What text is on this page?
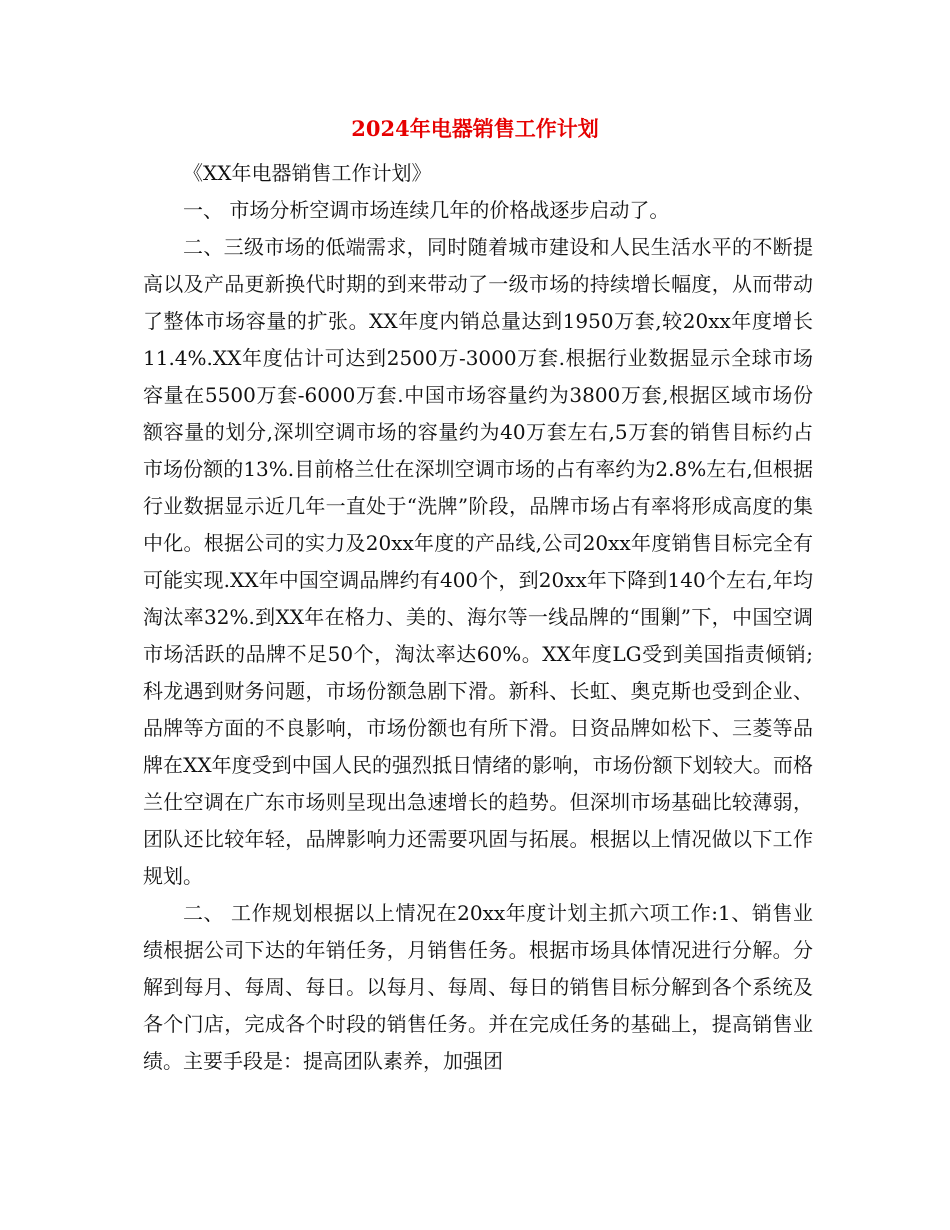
2024年电器销售工作计划

《XX年电器销售工作计划》

一、 市场分析空调市场连续几年的价格战逐步启动了。

二、三级市场的低端需求，同时随着城市建设和人民生活水平的不断提高以及产品更新换代时期的到来带动了一级市场的持续增长幅度，从而带动了整体市场容量的扩张。XX年度内销总量达到1950万套,较20xx年度增长11.4%.XX年度估计可达到2500万-3000万套.根据行业数据显示全球市场容量在5500万套-6000万套.中国市场容量约为3800万套,根据区域市场份额容量的划分,深圳空调市场的容量约为40万套左右,5万套的销售目标约占市场份额的13%.目前格兰仕在深圳空调市场的占有率约为2.8%左右,但根据行业数据显示近几年一直处于“洗牌”阶段，品牌市场占有率将形成高度的集中化。根据公司的实力及20xx年度的产品线,公司20xx年度销售目标完全有可能实现.XX年中国空调品牌约有400个，到20xx年下降到140个左右,年均淘汰率32%.到XX年在格力、美的、海尔等一线品牌的“围剿”下，中国空调市场活跃的品牌不足50个，淘汰率达60%。XX年度LG受到美国指责倾销;科龙遇到财务问题，市场份额急剧下滑。新科、长虹、奥克斯也受到企业、品牌等方面的不良影响，市场份额也有所下滑。日资品牌如松下、三菱等品牌在XX年度受到中国人民的强烈抵日情绪的影响，市场份额下划较大。而格兰仕空调在广东市场则呈现出急速增长的趋势。但深圳市场基础比较薄弱，团队还比较年轻，品牌影响力还需要巩固与拓展。根据以上情况做以下工作规划。

二、 工作规划根据以上情况在20xx年度计划主抓六项工作:1、销售业绩根据公司下达的年销任务，月销售任务。根据市场具体情况进行分解。分解到每月、每周、每日。以每月、每周、每日的销售目标分解到各个系统及各个门店，完成各个时段的销售任务。并在完成任务的基础上，提高销售业绩。主要手段是：提高团队素养，加强团
